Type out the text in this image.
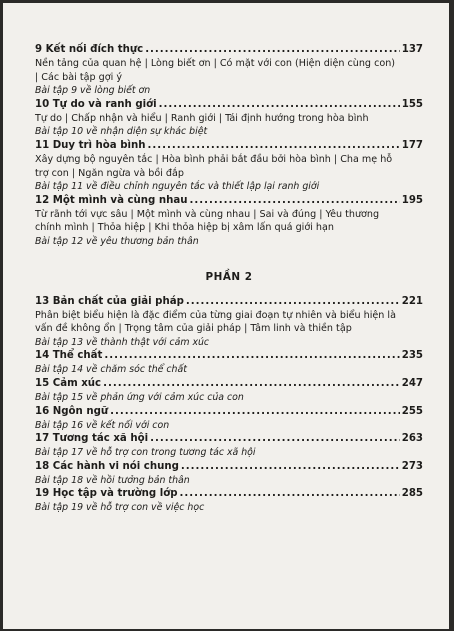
9 Kết nối đích thực .....	137
Nền tảng của quan hệ | Lòng biết ơn | Có mặt với con (Hiện diện cùng con)
| Các bài tập gợi ý
Bài tập 9 về lòng biết ơn
10 Tự do và ranh giới .....	155
Tự do | Chấp nhận và hiểu | Ranh giới | Tái định hướng trong hòa bình
Bài tập 10 về nhận diện sự khác biệt
11 Duy trì hòa bình .....	177
Xây dựng bộ nguyên tắc | Hòa bình phải bắt đầu bởi hòa bình | Cha mẹ hỗ
trợ con | Ngăn ngừa và bồi đắp
Bài tập 11 về điều chỉnh nguyên tắc và thiết lập lại ranh giới
12 Một mình và cùng nhau .....	195
Từ rãnh tới vực sâu | Một mình và cùng nhau | Sai và đúng | Yêu thương
chính mình | Thỏa hiệp | Khi thỏa hiệp bị xâm lấn quá giới hạn
Bài tập 12 về yêu thương bản thân
PHẦN 2
13 Bản chất của giải pháp .....	221
Phân biệt biểu hiện là đặc điểm của từng giai đoạn tự nhiên và biểu hiện là
vấn đề không ổn | Trọng tâm của giải pháp | Tâm linh và thiền tập
Bài tập 13 về thành thật với cảm xúc
14 Thể chất .....	235
Bài tập 14 về chăm sóc thể chất
15 Cảm xúc .....	247
Bài tập 15 về phản ứng với cảm xúc của con
16 Ngôn ngữ .....	255
Bài tập 16 về kết nối với con
17 Tương tác xã hội .....	263
Bài tập 17 về hỗ trợ con trong tương tác xã hội
18 Các hành vi nói chung .....	273
Bài tập 18 về hồi tưởng bản thân
19 Học tập và trường lớp .....	285
Bài tập 19 về hỗ trợ con về việc học
